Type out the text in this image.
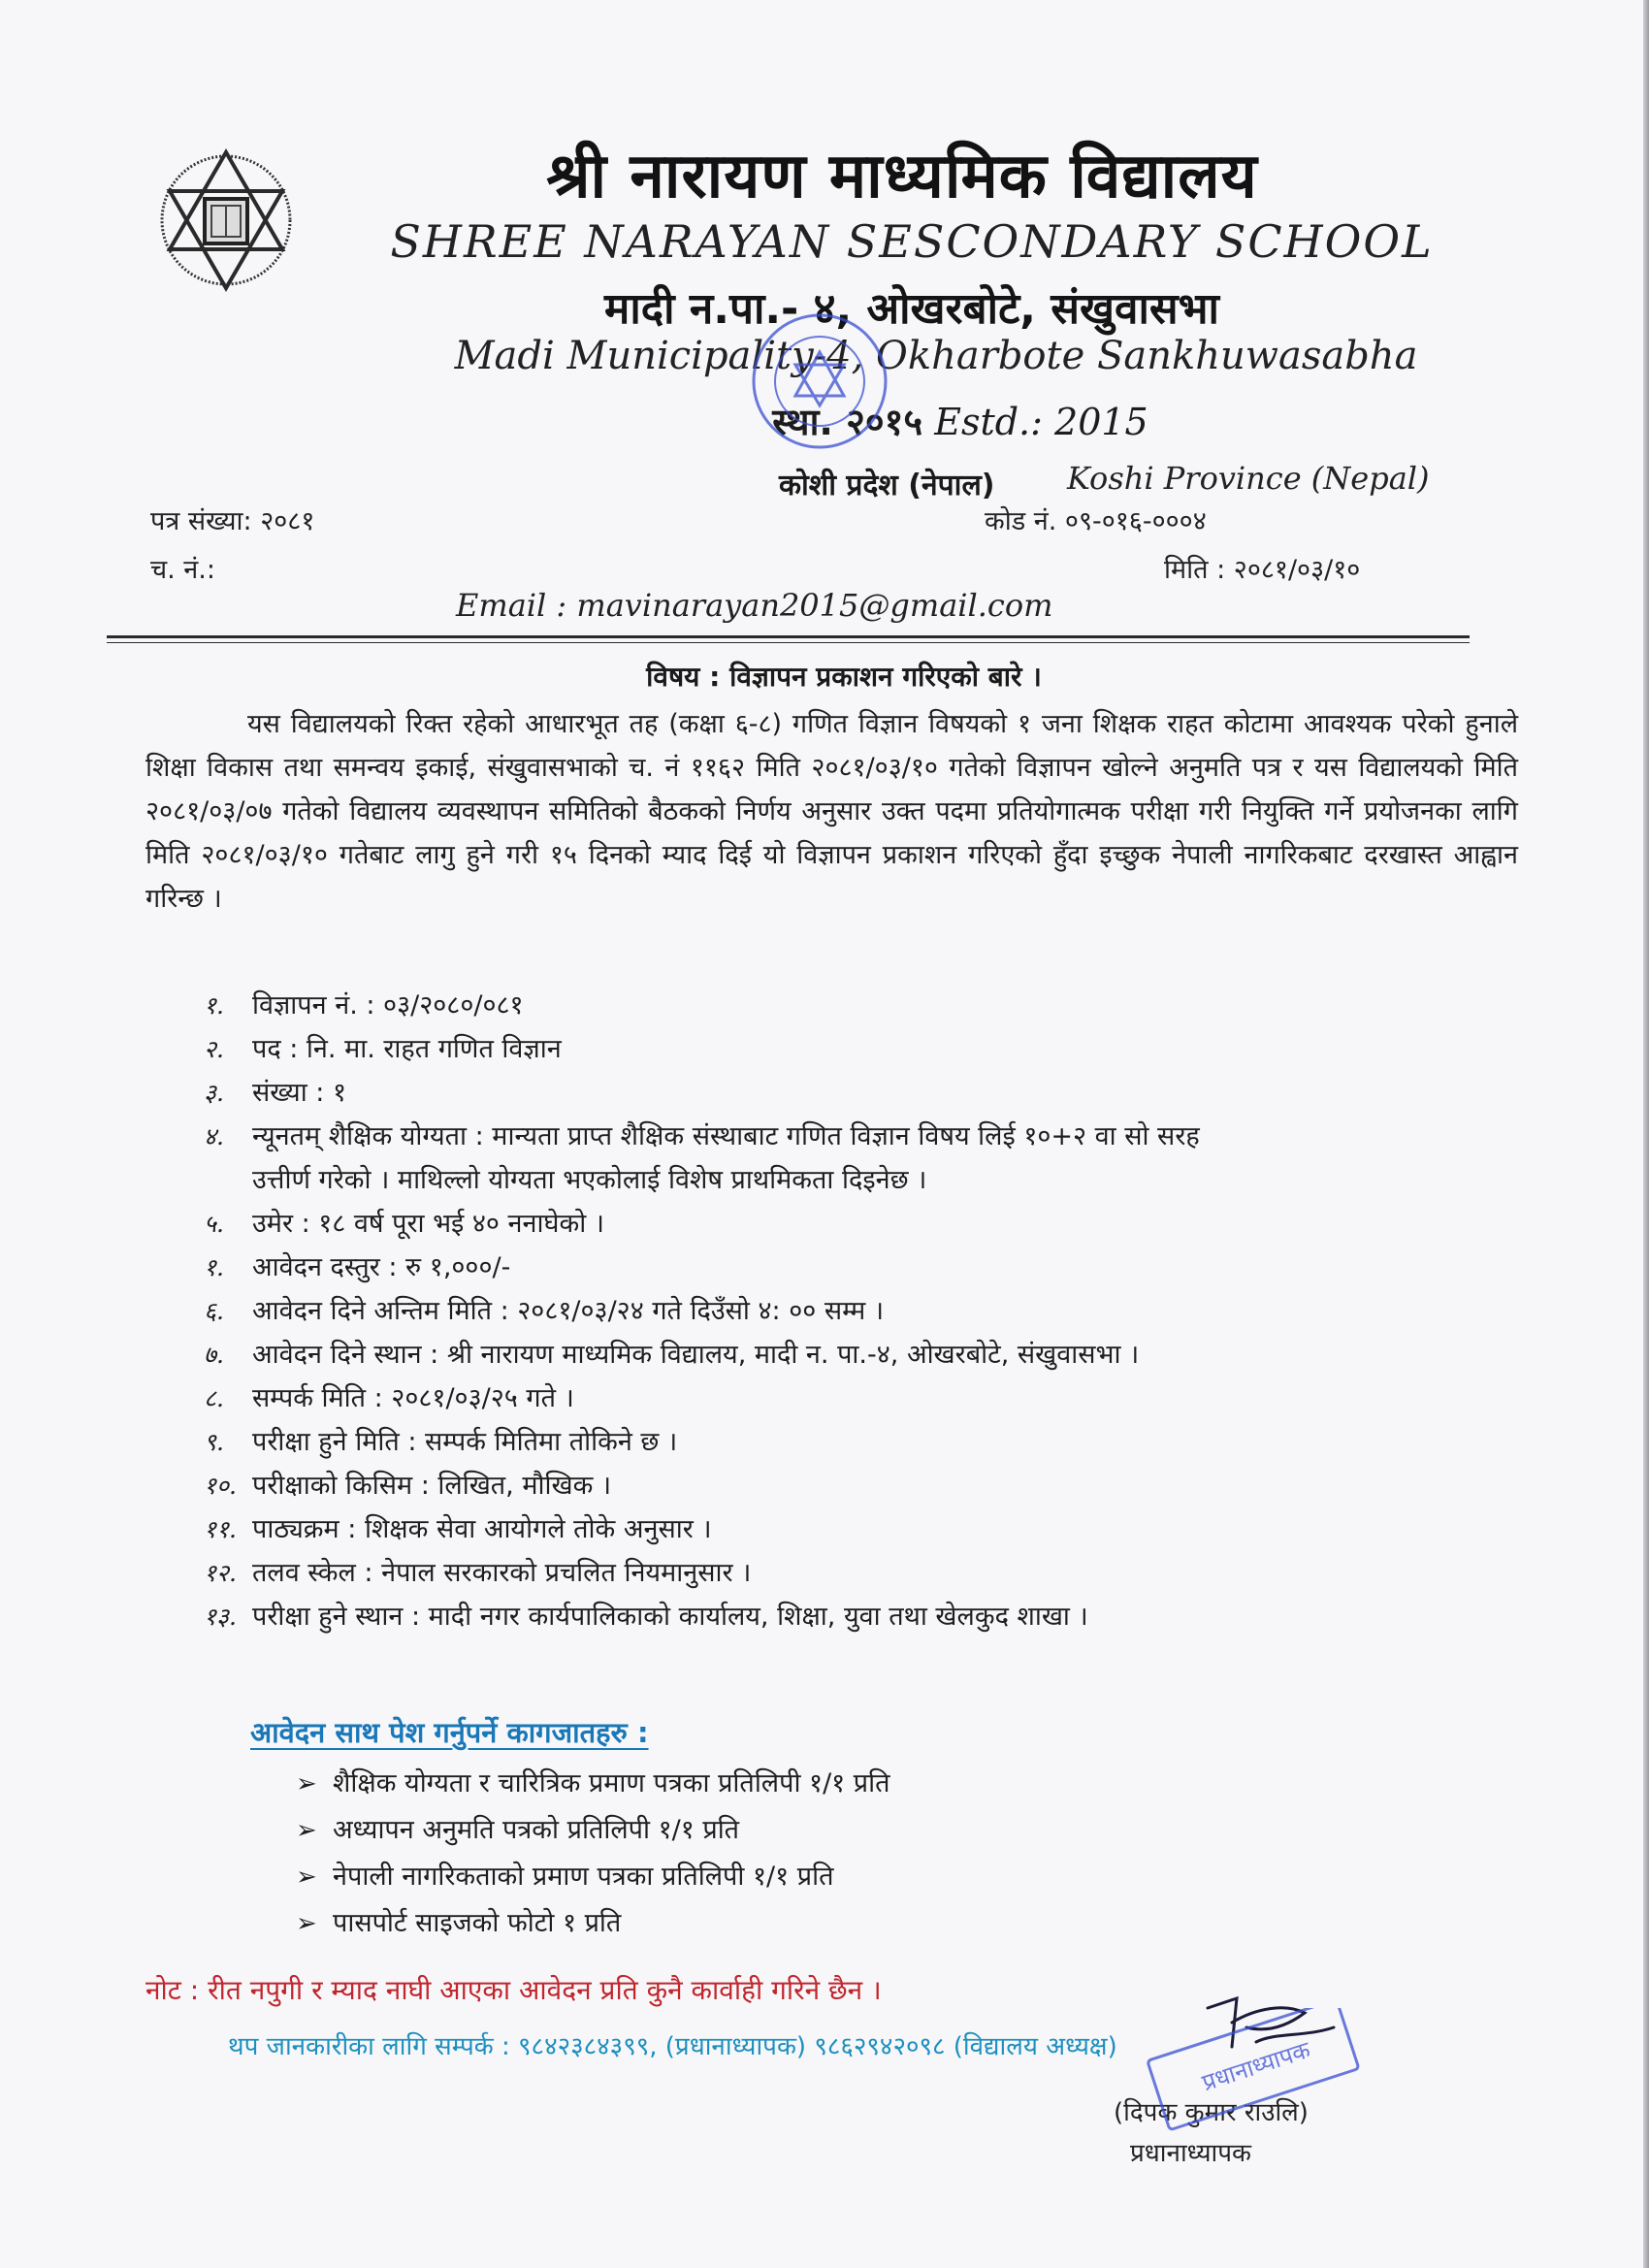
श्री नारायण माध्यमिक विद्यालय
SHREE NARAYAN SESCONDARY SCHOOL
मादी न.पा.- ४, ओखरबोटे, संखुवासभा
Madi Municipality-4, Okharbote Sankhuwasabha
स्था. २०१५ Estd.: 2015
कोशी प्रदेश (नेपाल) Koshi Province (Nepal)
पत्र संख्या: २०८१
च. नं.:
कोड नं. ०९-०१६-०००४
मिति : २०८१/०३/१०
Email : mavinarayan2015@gmail.com
विषय : विज्ञापन प्रकाशन गरिएको बारे ।

यस विद्यालयको रिक्त रहेको आधारभूत तह (कक्षा ६-८) गणित विज्ञान विषयको १ जना शिक्षक राहत कोटामा आवश्यक परेको हुनाले शिक्षा विकास तथा समन्वय इकाई, संखुवासभाको च. नं ११६२ मिति २०८१/०३/१० गतेको विज्ञापन खोल्ने अनुमति पत्र र यस विद्यालयको मिति २०८१/०३/०७ गतेको विद्यालय व्यवस्थापन समितिको बैठकको निर्णय अनुसार उक्त पदमा प्रतियोगात्मक परीक्षा गरी नियुक्ति गर्ने प्रयोजनका लागि मिति २०८१/०३/१० गतेबाट लागु हुने गरी १५ दिनको म्याद दिई यो विज्ञापन प्रकाशन गरिएको हुँदा इच्छुक नेपाली नागरिकबाट दरखास्त आह्वान गरिन्छ ।

१. विज्ञापन नं. : ०३/२०८०/०८१
२. पद : नि. मा. राहत गणित विज्ञान
३. संख्या : १
४. न्यूनतम् शैक्षिक योग्यता : मान्यता प्राप्त शैक्षिक संस्थाबाट गणित विज्ञान विषय लिई १०+२ वा सो सरह
उत्तीर्ण गरेको । माथिल्लो योग्यता भएकोलाई विशेष प्राथमिकता दिइनेछ ।
५. उमेर : १८ वर्ष पूरा भई ४० ननाघेको ।
१. आवेदन दस्तुर : रु १,०००/-
६. आवेदन दिने अन्तिम मिति : २०८१/०३/२४ गते दिउँसो ४: ०० सम्म ।
७. आवेदन दिने स्थान : श्री नारायण माध्यमिक विद्यालय, मादी न. पा.-४, ओखरबोटे, संखुवासभा ।
८. सम्पर्क मिति : २०८१/०३/२५ गते ।
९. परीक्षा हुने मिति : सम्पर्क मितिमा तोकिने छ ।
१०. परीक्षाको किसिम : लिखित, मौखिक ।
११. पाठ्यक्रम : शिक्षक सेवा आयोगले तोके अनुसार ।
१२. तलव स्केल : नेपाल सरकारको प्रचलित नियमानुसार ।
१३. परीक्षा हुने स्थान : मादी नगर कार्यपालिकाको कार्यालय, शिक्षा, युवा तथा खेलकुद शाखा ।
आवेदन साथ पेश गर्नुपर्ने कागजातहरु :
➢ शैक्षिक योग्यता र चारित्रिक प्रमाण पत्रका प्रतिलिपी १/१ प्रति
➢ अध्यापन अनुमति पत्रको प्रतिलिपी १/१ प्रति
➢ नेपाली नागरिकताको प्रमाण पत्रका प्रतिलिपी १/१ प्रति
➢ पासपोर्ट साइजको फोटो १ प्रति
नोट : रीत नपुगी र म्याद नाघी आएका आवेदन प्रति कुनै कार्वाही गरिने छैन ।
थप जानकारीका लागि सम्पर्क : ९८४२३८४३९९, (प्रधानाध्यापक) ९८६२९४२०९८ (विद्यालय अध्यक्ष)
(दिपक कुमार राउलि)
प्रधानाध्यापक
प्रधानाध्यापक
